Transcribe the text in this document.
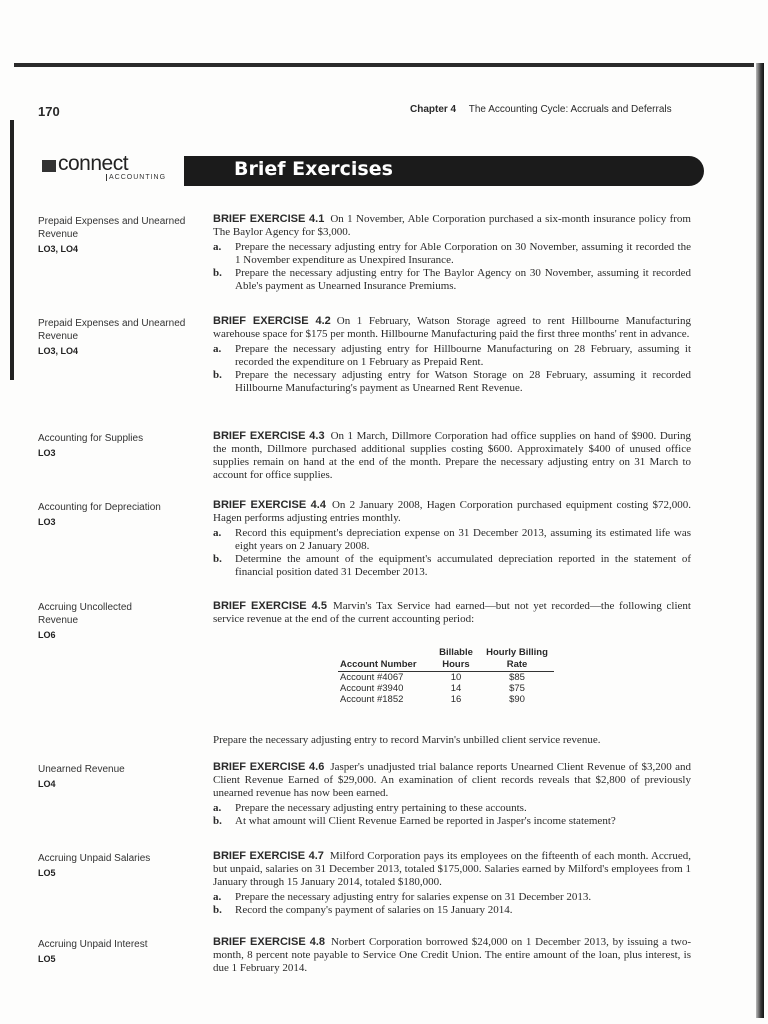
170	Chapter 4 The Accounting Cycle: Accruals and Deferrals
Brief Exercises
connect
ACCOUNTING
Prepaid Expenses and Unearned Revenue
LO3, LO4
Prepaid Expenses and Unearned Revenue
LO3, LO4
Accounting for Supplies
LO3
Accounting for Depreciation
LO3
Accruing Uncollected Revenue
LO6
Unearned Revenue
LO4
Accruing Unpaid Salaries
LO5
Accruing Unpaid Interest
LO5
BRIEF EXERCISE 4.1 On 1 November, Able Corporation purchased a six-month insurance policy from The Baylor Agency for $3,000.
a. Prepare the necessary adjusting entry for Able Corporation on 30 November, assuming it recorded the 1 November expenditure as Unexpired Insurance.
b. Prepare the necessary adjusting entry for The Baylor Agency on 30 November, assuming it recorded Able's payment as Unearned Insurance Premiums.
BRIEF EXERCISE 4.2 On 1 February, Watson Storage agreed to rent Hillbourne Manufacturing warehouse space for $175 per month. Hillbourne Manufacturing paid the first three months' rent in advance.
a. Prepare the necessary adjusting entry for Hillbourne Manufacturing on 28 February, assuming it recorded the expenditure on 1 February as Prepaid Rent.
b. Prepare the necessary adjusting entry for Watson Storage on 28 February, assuming it recorded Hillbourne Manufacturing's payment as Unearned Rent Revenue.
BRIEF EXERCISE 4.3 On 1 March, Dillmore Corporation had office supplies on hand of $900. During the month, Dillmore purchased additional supplies costing $600. Approximately $400 of unused office supplies remain on hand at the end of the month. Prepare the necessary adjusting entry on 31 March to account for office supplies.
BRIEF EXERCISE 4.4 On 2 January 2008, Hagen Corporation purchased equipment costing $72,000. Hagen performs adjusting entries monthly.
a. Record this equipment's depreciation expense on 31 December 2013, assuming its estimated life was eight years on 2 January 2008.
b. Determine the amount of the equipment's accumulated depreciation reported in the statement of financial position dated 31 December 2013.
BRIEF EXERCISE 4.5 Marvin's Tax Service had earned—but not yet recorded—the following client service revenue at the end of the current accounting period:
Account Number	Billable Hours	Hourly Billing Rate
Account #4067	10	$85
Account #3940	14	$75
Account #1852	16	$90
Prepare the necessary adjusting entry to record Marvin's unbilled client service revenue.
BRIEF EXERCISE 4.6 Jasper's unadjusted trial balance reports Unearned Client Revenue of $3,200 and Client Revenue Earned of $29,000. An examination of client records reveals that $2,800 of previously unearned revenue has now been earned.
a. Prepare the necessary adjusting entry pertaining to these accounts.
b. At what amount will Client Revenue Earned be reported in Jasper's income statement?
BRIEF EXERCISE 4.7 Milford Corporation pays its employees on the fifteenth of each month. Accrued, but unpaid, salaries on 31 December 2013, totaled $175,000. Salaries earned by Milford's employees from 1 January through 15 January 2014, totaled $180,000.
a. Prepare the necessary adjusting entry for salaries expense on 31 December 2013.
b. Record the company's payment of salaries on 15 January 2014.
BRIEF EXERCISE 4.8 Norbert Corporation borrowed $24,000 on 1 December 2013, by issuing a two-month, 8 percent note payable to Service One Credit Union. The entire amount of the loan, plus interest, is due 1 February 2014.
